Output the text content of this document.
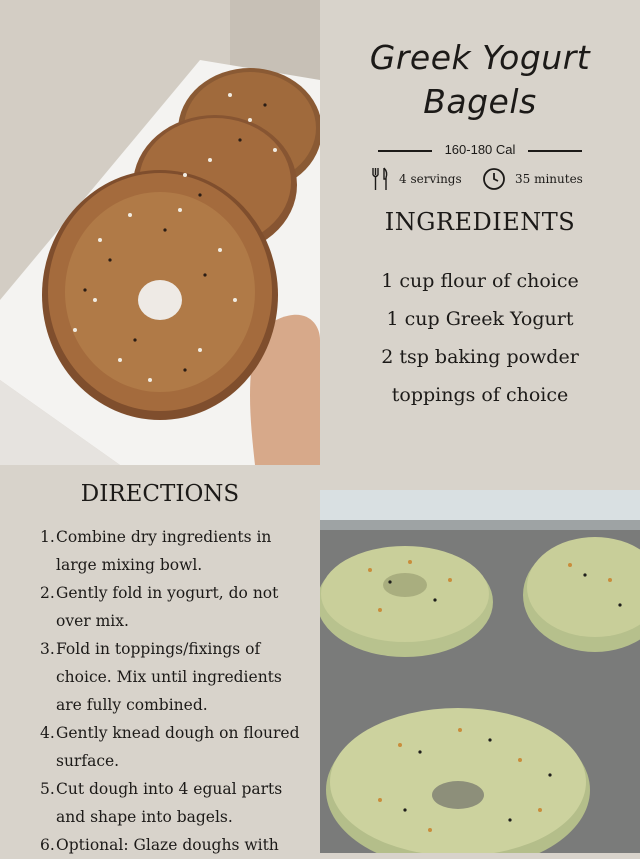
Greek Yogurt
Bagels
160-180 Cal
4 servings	35 minutes
INGREDIENTS
1 cup flour of choice
1 cup Greek Yogurt
2 tsp baking powder
toppings of choice
DIRECTIONS
1. Combine dry ingredients in large mixing bowl.
2. Gently fold in yogurt, do not over mix.
3. Fold in toppings/fixings of choice. Mix until ingredients are fully combined.
4. Gently knead dough on floured surface.
5. Cut dough into 4 egual parts and shape into bagels.
6. Optional: Glaze doughs with
